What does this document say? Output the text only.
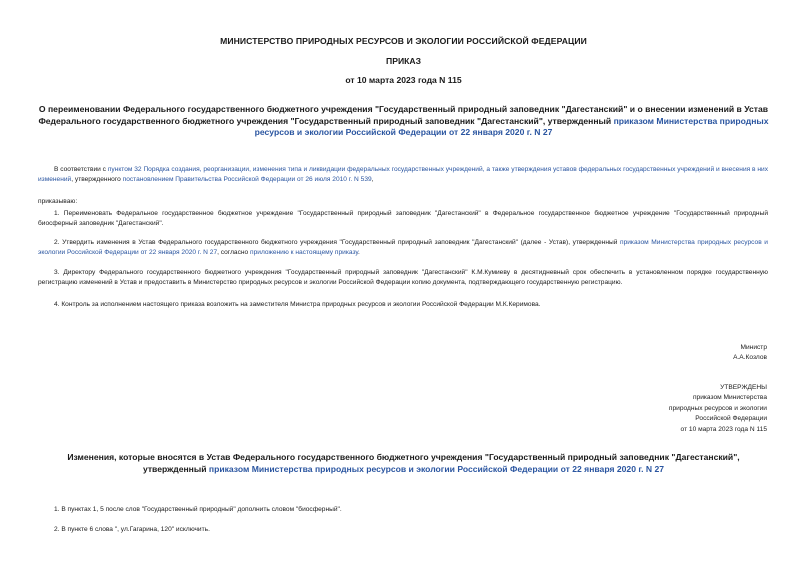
МИНИСТЕРСТВО ПРИРОДНЫХ РЕСУРСОВ И ЭКОЛОГИИ РОССИЙСКОЙ ФЕДЕРАЦИИ
ПРИКАЗ
от 10 марта 2023 года N 115
О переименовании Федерального государственного бюджетного учреждения "Государственный природный заповедник "Дагестанский" и о внесении изменений в Устав Федерального государственного бюджетного учреждения "Государственный природный заповедник "Дагестанский", утвержденный приказом Министерства природных ресурсов и экологии Российской Федерации от 22 января 2020 г. N 27
В соответствии с пунктом 32 Порядка создания, реорганизации, изменения типа и ликвидации федеральных государственных учреждений, а также утверждения уставов федеральных государственных учреждений и внесения в них изменений, утвержденного постановлением Правительства Российской Федерации от 26 июля 2010 г. N 539,
приказываю:
1. Переименовать Федеральное государственное бюджетное учреждение "Государственный природный заповедник "Дагестанский" в Федеральное государственное бюджетное учреждение "Государственный природный биосферный заповедник "Дагестанский".
2. Утвердить изменения в Устав Федерального государственного бюджетного учреждения "Государственный природный заповедник "Дагестанский" (далее - Устав), утвержденный приказом Министерства природных ресурсов и экологии Российской Федерации от 22 января 2020 г. N 27, согласно приложению к настоящему приказу.
3. Директору Федерального государственного бюджетного учреждения "Государственный природный заповедник "Дагестанский" К.М.Кумиеву в десятидневный срок обеспечить в установленном порядке государственную регистрацию изменений в Устав и предоставить в Министерство природных ресурсов и экологии Российской Федерации копию документа, подтверждающего государственную регистрацию.
4. Контроль за исполнением настоящего приказа возложить на заместителя Министра природных ресурсов и экологии Российской Федерации М.К.Керимова.
Министр
А.А.Козлов
УТВЕРЖДЕНЫ
приказом Министерства
природных ресурсов и экологии
Российской Федерации
от 10 марта 2023 года N 115
Изменения, которые вносятся в Устав Федерального государственного бюджетного учреждения "Государственный природный заповедник "Дагестанский", утвержденный приказом Министерства природных ресурсов и экологии Российской Федерации от 22 января 2020 г. N 27
1. В пунктах 1, 5 после слов "Государственный природный" дополнить словом "биосферный".
2. В пункте 6 слова ", ул.Гагарина, 120" исключить.
